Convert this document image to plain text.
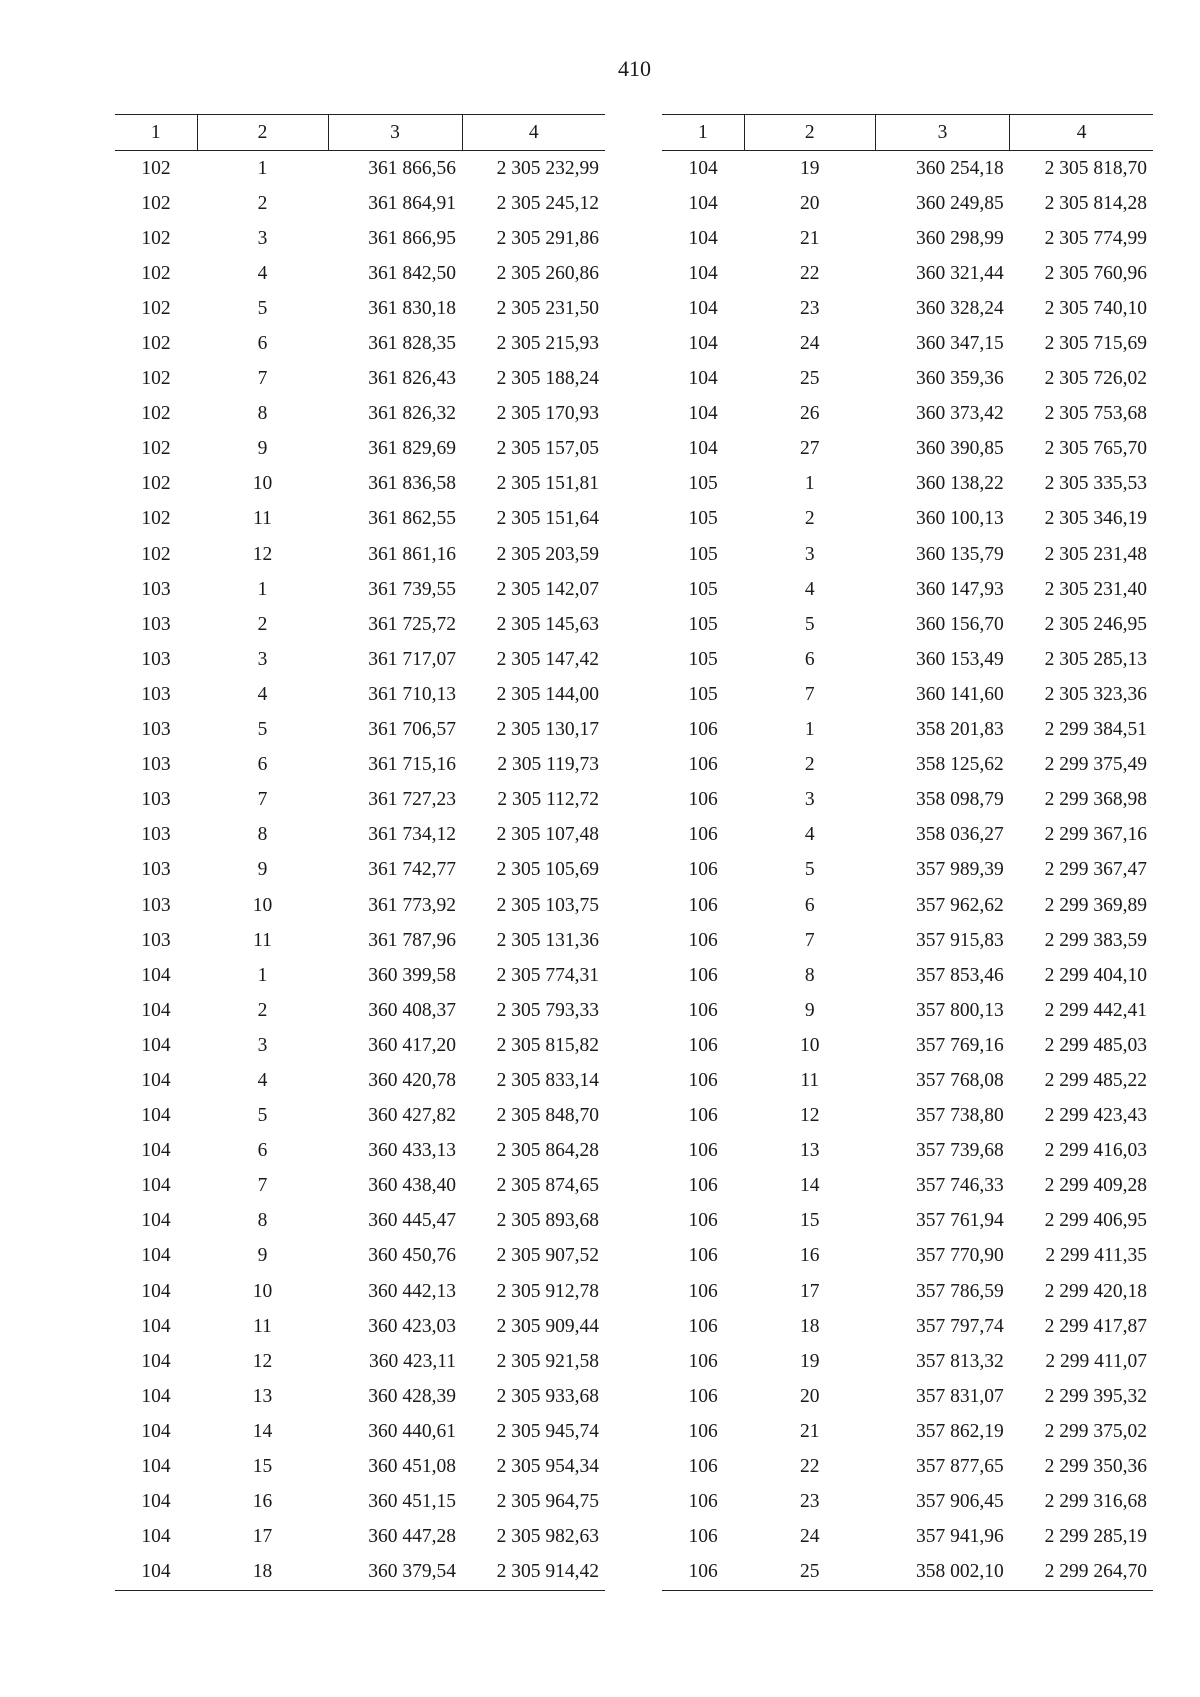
410
1	2	3	4
102	1	361 866,56	2 305 232,99
102	2	361 864,91	2 305 245,12
102	3	361 866,95	2 305 291,86
102	4	361 842,50	2 305 260,86
102	5	361 830,18	2 305 231,50
102	6	361 828,35	2 305 215,93
102	7	361 826,43	2 305 188,24
102	8	361 826,32	2 305 170,93
102	9	361 829,69	2 305 157,05
102	10	361 836,58	2 305 151,81
102	11	361 862,55	2 305 151,64
102	12	361 861,16	2 305 203,59
103	1	361 739,55	2 305 142,07
103	2	361 725,72	2 305 145,63
103	3	361 717,07	2 305 147,42
103	4	361 710,13	2 305 144,00
103	5	361 706,57	2 305 130,17
103	6	361 715,16	2 305 119,73
103	7	361 727,23	2 305 112,72
103	8	361 734,12	2 305 107,48
103	9	361 742,77	2 305 105,69
103	10	361 773,92	2 305 103,75
103	11	361 787,96	2 305 131,36
104	1	360 399,58	2 305 774,31
104	2	360 408,37	2 305 793,33
104	3	360 417,20	2 305 815,82
104	4	360 420,78	2 305 833,14
104	5	360 427,82	2 305 848,70
104	6	360 433,13	2 305 864,28
104	7	360 438,40	2 305 874,65
104	8	360 445,47	2 305 893,68
104	9	360 450,76	2 305 907,52
104	10	360 442,13	2 305 912,78
104	11	360 423,03	2 305 909,44
104	12	360 423,11	2 305 921,58
104	13	360 428,39	2 305 933,68
104	14	360 440,61	2 305 945,74
104	15	360 451,08	2 305 954,34
104	16	360 451,15	2 305 964,75
104	17	360 447,28	2 305 982,63
104	18	360 379,54	2 305 914,42
1	2	3	4
104	19	360 254,18	2 305 818,70
104	20	360 249,85	2 305 814,28
104	21	360 298,99	2 305 774,99
104	22	360 321,44	2 305 760,96
104	23	360 328,24	2 305 740,10
104	24	360 347,15	2 305 715,69
104	25	360 359,36	2 305 726,02
104	26	360 373,42	2 305 753,68
104	27	360 390,85	2 305 765,70
105	1	360 138,22	2 305 335,53
105	2	360 100,13	2 305 346,19
105	3	360 135,79	2 305 231,48
105	4	360 147,93	2 305 231,40
105	5	360 156,70	2 305 246,95
105	6	360 153,49	2 305 285,13
105	7	360 141,60	2 305 323,36
106	1	358 201,83	2 299 384,51
106	2	358 125,62	2 299 375,49
106	3	358 098,79	2 299 368,98
106	4	358 036,27	2 299 367,16
106	5	357 989,39	2 299 367,47
106	6	357 962,62	2 299 369,89
106	7	357 915,83	2 299 383,59
106	8	357 853,46	2 299 404,10
106	9	357 800,13	2 299 442,41
106	10	357 769,16	2 299 485,03
106	11	357 768,08	2 299 485,22
106	12	357 738,80	2 299 423,43
106	13	357 739,68	2 299 416,03
106	14	357 746,33	2 299 409,28
106	15	357 761,94	2 299 406,95
106	16	357 770,90	2 299 411,35
106	17	357 786,59	2 299 420,18
106	18	357 797,74	2 299 417,87
106	19	357 813,32	2 299 411,07
106	20	357 831,07	2 299 395,32
106	21	357 862,19	2 299 375,02
106	22	357 877,65	2 299 350,36
106	23	357 906,45	2 299 316,68
106	24	357 941,96	2 299 285,19
106	25	358 002,10	2 299 264,70
